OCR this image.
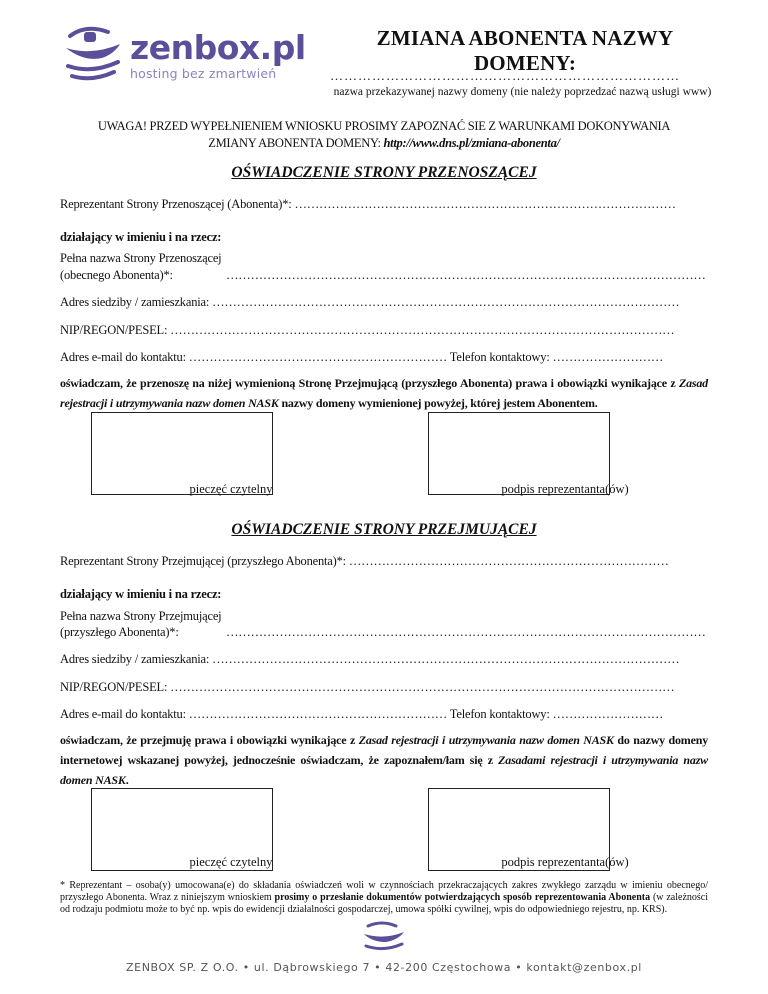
zenbox.pl
hosting bez zmartwień
ZMIANA ABONENTA NAZWY DOMENY:
…………………………………………………………………
nazwa przekazywanej nazwy domeny (nie należy poprzedzać nazwą usługi www)
UWAGA! PRZED WYPEŁNIENIEM WNIOSKU PROSIMY ZAPOZNAĆ SIE Z WARUNKAMI DOKONYWANIA
ZMIANY ABONENTA DOMENY: http://www.dns.pl/zmiana-abonenta/
OŚWIADCZENIE STRONY PRZENOSZĄCEJ
Reprezentant Strony Przenoszącej (Abonenta)*: …………………………………………………………………………………
działający w imieniu i na rzecz:
Pełna nazwa Strony Przenoszącej
(obecnego Abonenta)*:	………………………………………………………………………………………………………
Adres siedziby / zamieszkania: ……………………………………………………………………………………………………
NIP/REGON/PESEL: ……………………………………………………………………………………………………………
Adres e-mail do kontaktu: ……………………………………………………… Telefon kontaktowy: ………………………
oświadczam, że przenoszę na niżej wymienioną Stronę Przejmującą (przyszłego Abonenta) prawa i obowiązki wynikające z Zasad rejestracji i utrzymywania nazw domen NASK nazwy domeny wymienionej powyżej, której jestem Abonentem.
pieczęć czytelny	podpis reprezentanta(ów)
OŚWIADCZENIE STRONY PRZEJMUJĄCEJ
Reprezentant Strony Przejmującej (przyszłego Abonenta)*: ……………………………………………………………………
działający w imieniu i na rzecz:
Pełna nazwa Strony Przejmującej
(przyszłego Abonenta)*:	………………………………………………………………………………………………………
Adres siedziby / zamieszkania: ……………………………………………………………………………………………………
NIP/REGON/PESEL: ……………………………………………………………………………………………………………
Adres e-mail do kontaktu: ……………………………………………………… Telefon kontaktowy: ………………………
oświadczam, że przejmuję prawa i obowiązki wynikające z Zasad rejestracji i utrzymywania nazw domen NASK do nazwy domeny internetowej wskazanej powyżej, jednocześnie oświadczam, że zapoznałem/łam się z Zasadami rejestracji i utrzymywania nazw domen NASK.
pieczęć czytelny	podpis reprezentanta(ów)
* Reprezentant – osoba(y) umocowana(e) do składania oświadczeń woli w czynnościach przekraczających zakres zwykłego zarządu w imieniu obecnego/ przyszłego Abonenta. Wraz z niniejszym wnioskiem prosimy o przesłanie dokumentów potwierdzających sposób reprezentowania Abonenta (w zależności od rodzaju podmiotu może to być np. wpis do ewidencji działalności gospodarczej, umowa spółki cywilnej, wpis do odpowiedniego rejestru, np. KRS).
ZENBOX SP. Z O.O. • ul. Dąbrowskiego 7 • 42-200 Częstochowa • kontakt@zenbox.pl
